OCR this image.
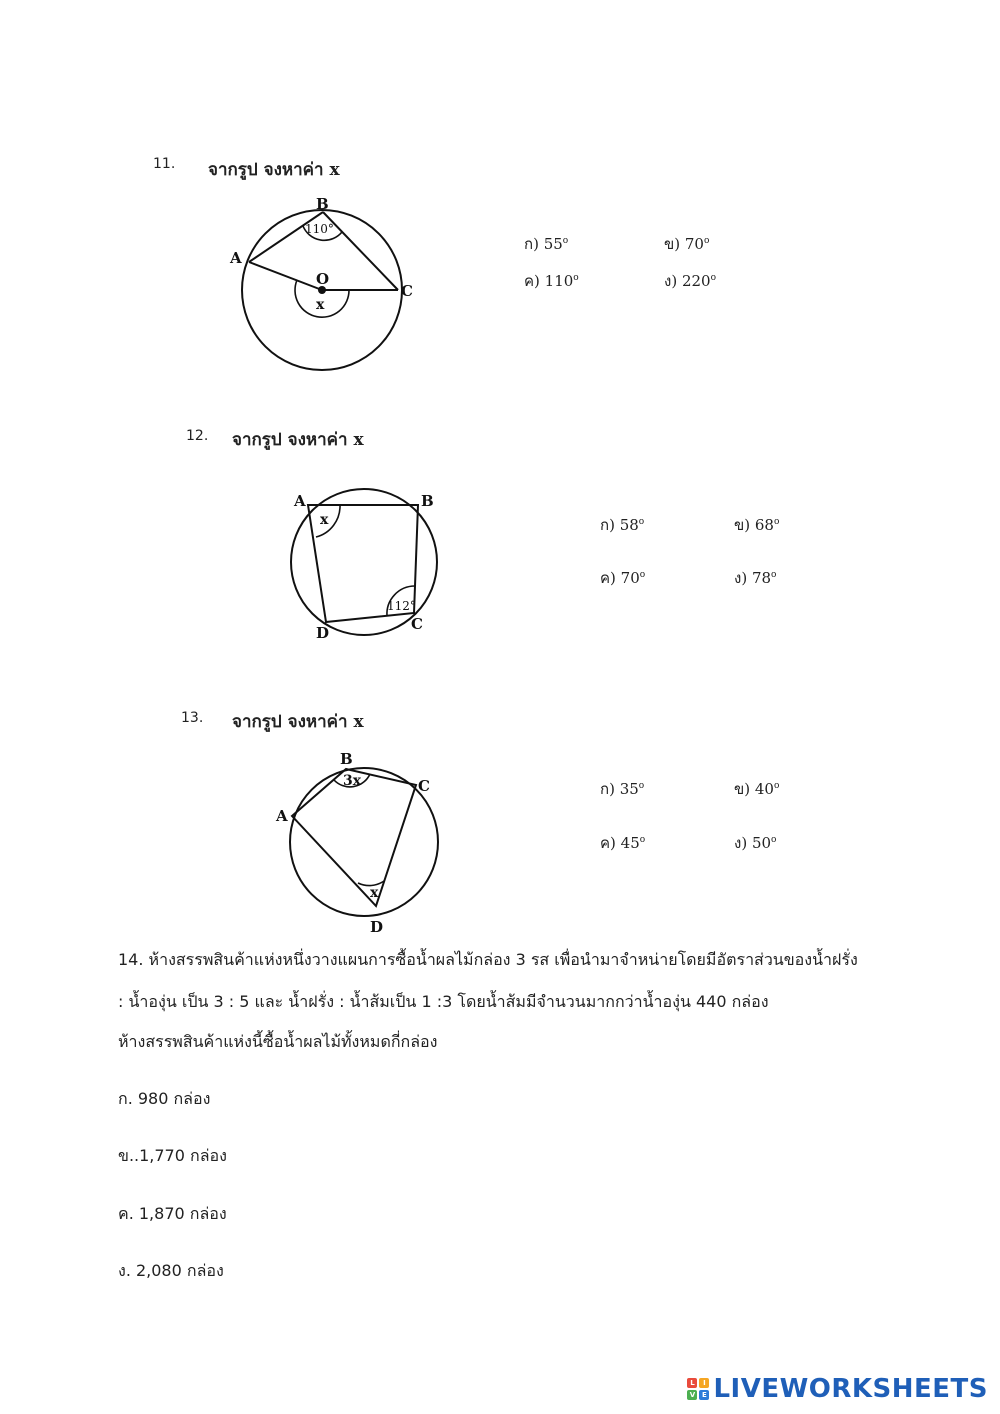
11. จากรูป จงหาค่า x
B
A
C
O
x
110°
ก) 55$^o$	ข) 70$^o$
ค) 110$^o$	ง) 220$^o$
12. จากรูป จงหาค่า x
A	B
C
D
x
112°
ก) 58$^o$	ข) 68$^o$
ค) 70$^o$	ง) 78$^o$
13. จากรูป จงหาค่า x
B
A
C
D
3x
x
ก) 35$^o$	ข) 40$^o$
ค) 45$^o$	ง) 50$^o$
14. ห้างสรรพสินค้าแห่งหนึ่งวางแผนการซื้อน้ำผลไม้กล่อง 3 รส เพื่อนำมาจำหน่ายโดยมีอัตราส่วนของน้ำฝรั่ง
: น้ำองุ่น เป็น 3 : 5 และ น้ำฝรั่ง : น้ำส้มเป็น 1 :3 โดยน้ำส้มมีจำนวนมากกว่าน้ำองุ่น 440 กล่อง
ห้างสรรพสินค้าแห่งนี้ซื้อน้ำผลไม้ทั้งหมดกี่กล่อง
ก. 980 กล่อง
ข..1,770 กล่อง
ค. 1,870 กล่อง
ง. 2,080 กล่อง
L	I
V E LIVEWORKSHEETS
